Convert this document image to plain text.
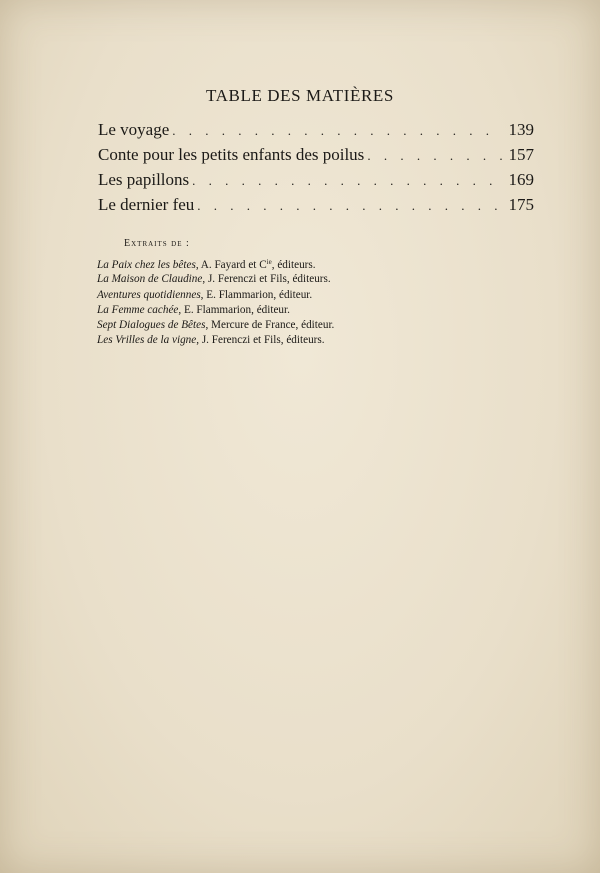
TABLE DES MATIÈRES
Le voyage . . .	139
Conte pour les petits enfants des poilus . . .	157
Les papillons . . .	169
Le dernier feu . . .	175
Extraits de :
La Paix chez les bêtes, A. Fayard et $C^{ie}$, éditeurs.
La Maison de Claudine, J. Ferenczi et Fils, éditeurs.
Aventures quotidiennes, E. Flammarion, éditeur.
La Femme cachée, E. Flammarion, éditeur.
Sept Dialogues de Bêtes, Mercure de France, éditeur.
Les Vrilles de la vigne, J. Ferenczi et Fils, éditeurs.
